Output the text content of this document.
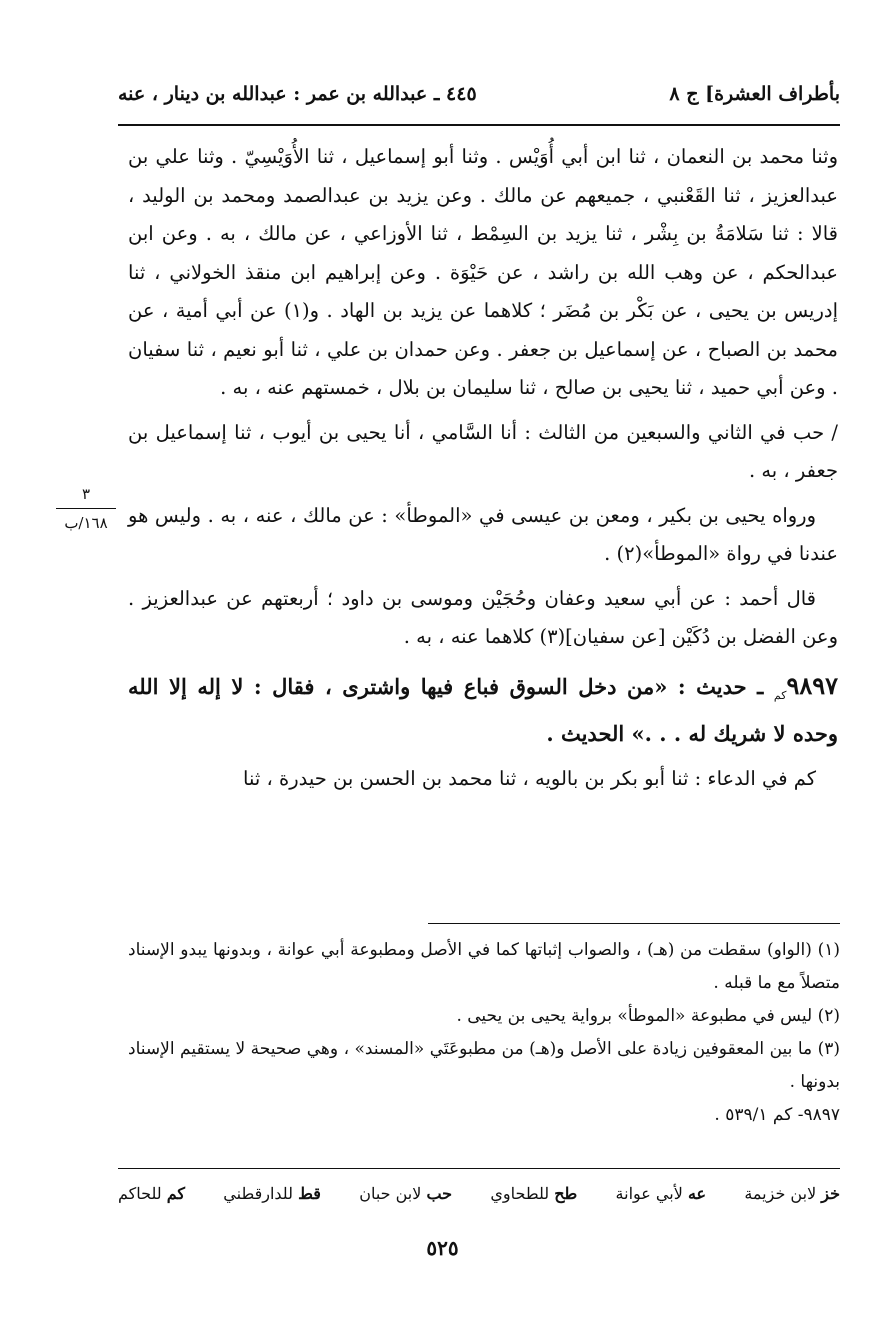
بأطراف العشرة] ج ٨
٤٤٥ ـ عبدالله بن عمر : عبدالله بن دينار ، عنه

وثنا محمد بن النعمان ، ثنا ابن أبي أُوَيْس . وثنا أبو إسماعيل ، ثنا الأُوَيْسِيّ . وثنا علي بن عبدالعزيز ، ثنا القَعْنبي ، جميعهم عن مالك . وعن يزيد بن عبدالصمد ومحمد بن الوليد ، قالا : ثنا سَلامَةُ بن بِشْر ، ثنا يزيد بن السِمْط ، ثنا الأوزاعي ، عن مالك ، به . وعن ابن عبدالحكم ، عن وهب الله بن راشد ، عن حَيْوَة . وعن إبراهيم ابن منقذ الخولاني ، ثنا إدريس بن يحيى ، عن بَكْر بن مُضَر ؛ كلاهما عن يزيد بن الهاد . و(١) عن أبي أمية ، عن محمد بن الصباح ، عن إسماعيل بن جعفر . وعن حمدان بن علي ، ثنا أبو نعيم ، ثنا سفيان . وعن أبي حميد ، ثنا يحيى بن صالح ، ثنا سليمان بن بلال ، خمستهم عنه ، به .

/ حب في الثاني والسبعين من الثالث : أنا السَّامي ، أنا يحيى بن أيوب ، ثنا إسماعيل بن جعفر ، به .

ورواه يحيى بن بكير ، ومعن بن عيسى في «الموطأ» : عن مالك ، عنه ، به . وليس هو عندنا في رواة «الموطأ»(٢) .

قال أحمد : عن أبي سعيد وعفان وحُجَيْن وموسى بن داود ؛ أربعتهم عن عبدالعزيز . وعن الفضل بن دُكَيْن [عن سفيان](٣) كلاهما عنه ، به .

$٩٨٩٧_{كم}$ ـ حديث : «من دخل السوق فباع فيها واشترى ، فقال : لا إله إلا الله وحده لا شريك له . . .» الحديث .

كم في الدعاء : ثنا أبو بكر بن بالويه ، ثنا محمد بن الحسن بن حيدرة ، ثنا

٣
١٦٨/ب

(١) (الواو) سقطت من (هـ) ، والصواب إثباتها كما في الأصل ومطبوعة أبي عوانة ، وبدونها يبدو الإسناد متصلاً مع ما قبله .

(٢) ليس في مطبوعة «الموطأ» برواية يحيى بن يحيى .

(٣) ما بين المعقوفين زيادة على الأصل و(هـ) من مطبوعَتَي «المسند» ، وهي صحيحة لا يستقيم الإسناد بدونها .

٩٨٩٧- كم ٥٣٩/١ .

خز لابن خزيمة
عه لأبي عوانة
طح للطحاوي
حب لابن حبان
قط للدارقطني
كم للحاكم
٥٢٥
